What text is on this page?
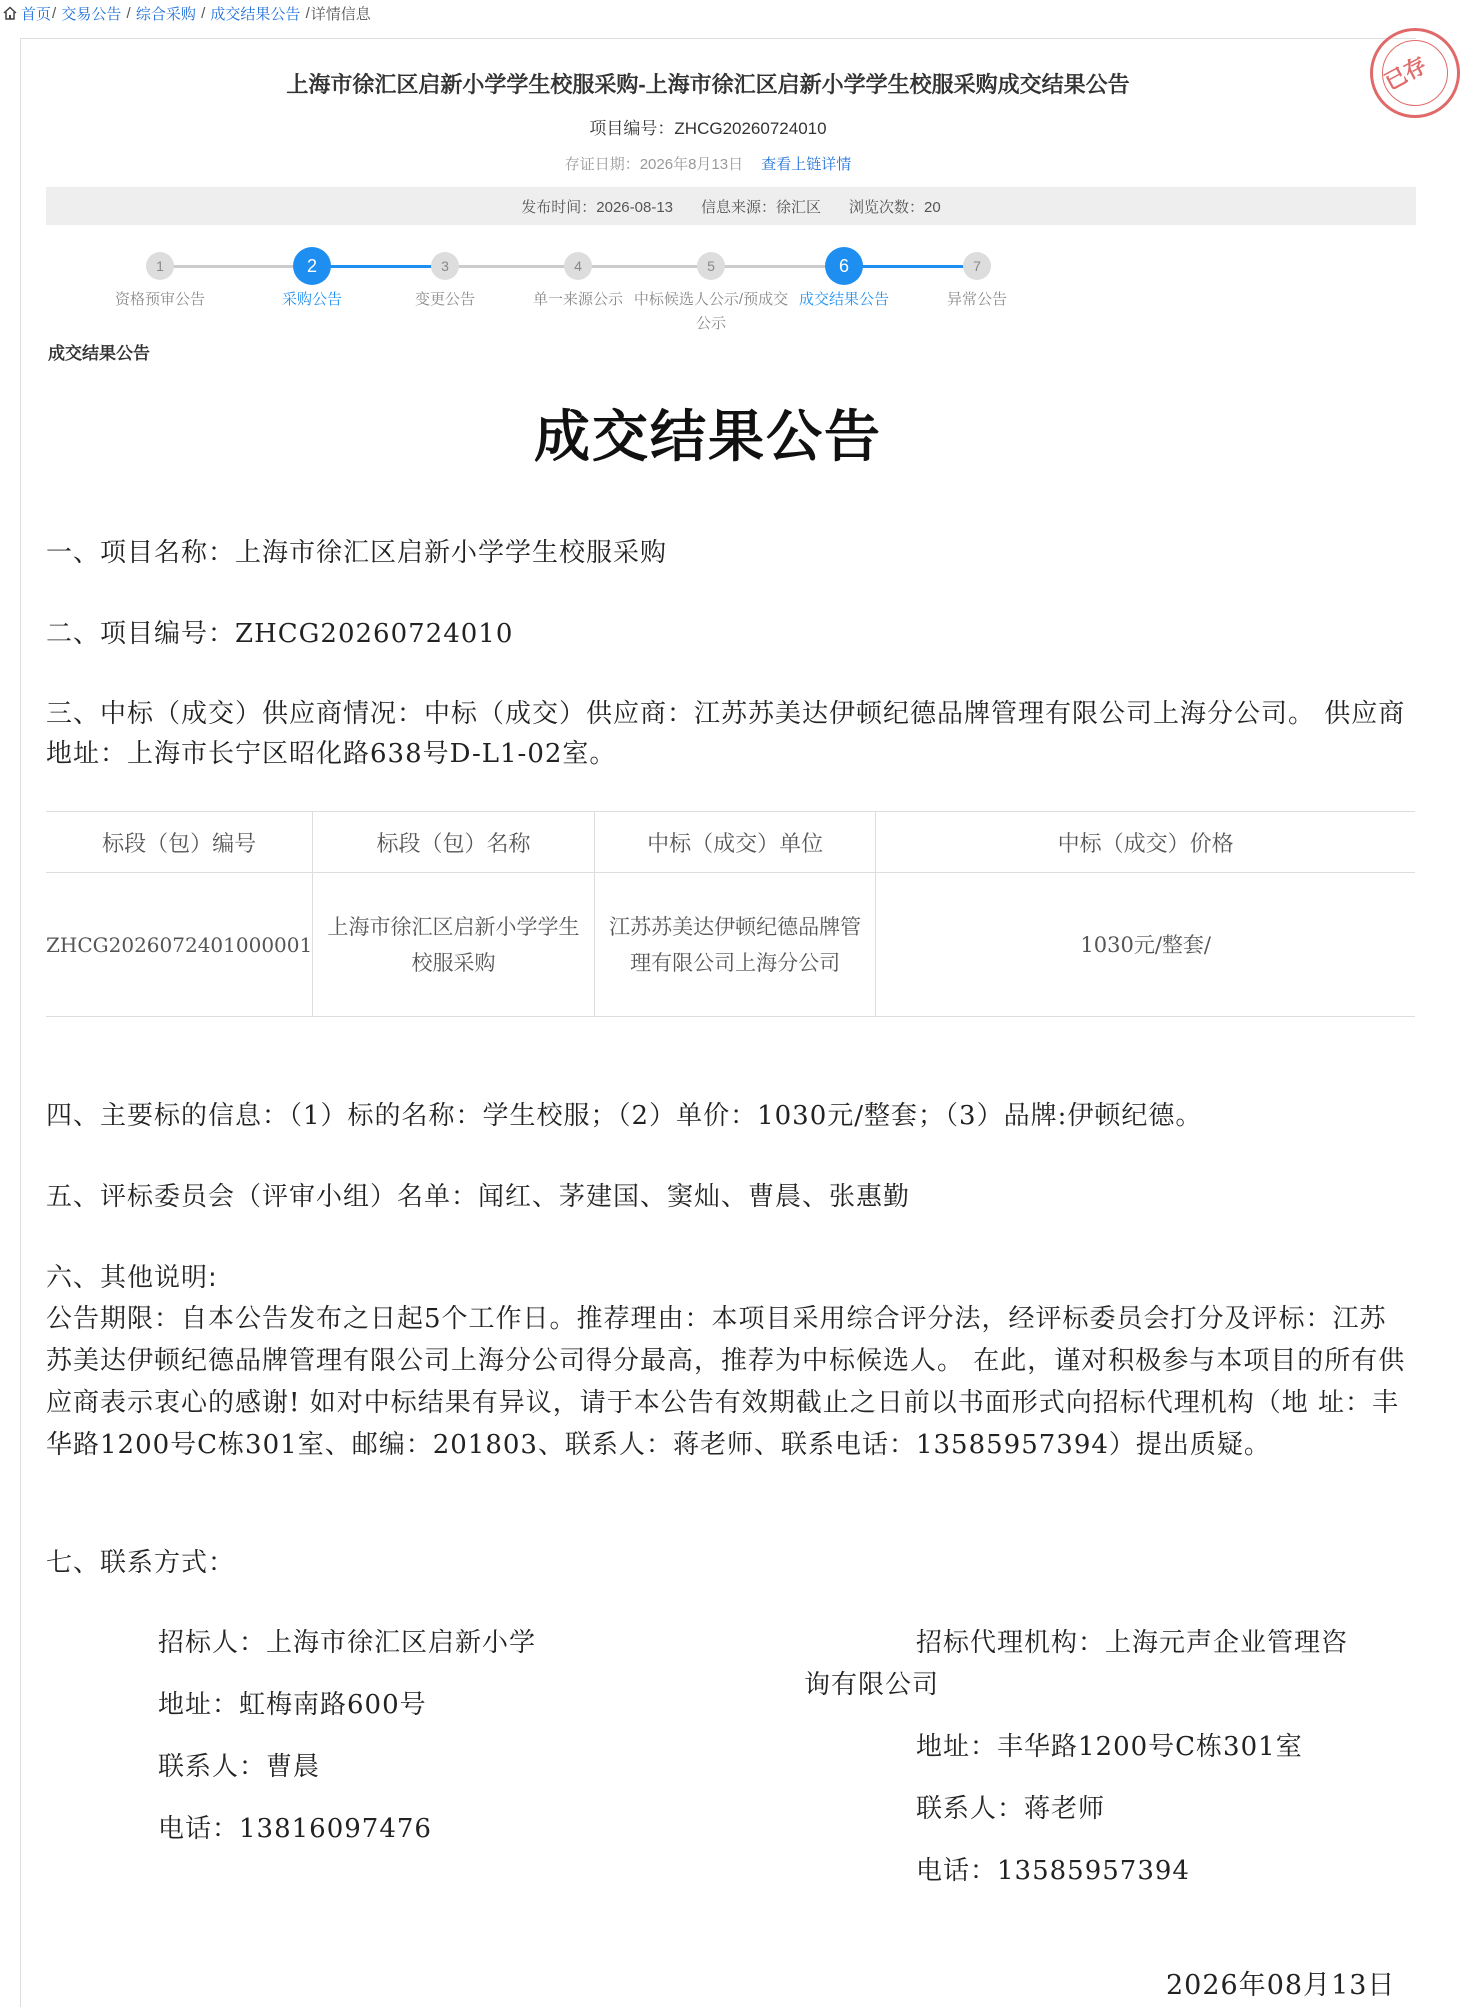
首页 / 交易公告 / 综合采购 / 成交结果公告 / 详情信息
已存
上海市徐汇区启新小学学生校服采购-上海市徐汇区启新小学学生校服采购成交结果公告
项目编号：ZHCG20260724010
存证日期：2026年8月13日 查看上链详情
发布时间：2026-08-13 信息来源：徐汇区 浏览次数：20
1
资格预审公告
2
采购公告
3
变更公告
4
单一来源公示
5
中标候选人公示/预成交公示
6
成交结果公告
7
异常公告
成交结果公告
成交结果公告
一、项目名称：上海市徐汇区启新小学学生校服采购
二、项目编号：ZHCG20260724010
三、中标（成交）供应商情况：中标（成交）供应商：江苏苏美达伊顿纪德品牌管理有限公司上海分公司。 供应商地址：上海市长宁区昭化路638号D-L1-02室。
标段（包）编号	标段（包）名称	中标（成交）单位	中标（成交）价格
ZHCG2026072401000001	上海市徐汇区启新小学学生校服采购	江苏苏美达伊顿纪德品牌管理有限公司上海分公司	1030元/整套/
四、主要标的信息：（1）标的名称：学生校服；（2）单价：1030元/整套；（3）品牌:伊顿纪德。
五、评标委员会（评审小组）名单：闻红、茅建国、窦灿、曹晨、张惠勤
六、其他说明:
公告期限：自本公告发布之日起5个工作日。推荐理由：本项目采用综合评分法，经评标委员会打分及评标：江苏苏美达伊顿纪德品牌管理有限公司上海分公司得分最高，推荐为中标候选人。 在此，谨对积极参与本项目的所有供应商表示衷心的感谢! 如对中标结果有异议，请于本公告有效期截止之日前以书面形式向招标代理机构（地 址：丰华路1200号C栋301室、邮编：201803、联系人：蒋老师、联系电话：13585957394）提出质疑。
七、联系方式：
招标人：上海市徐汇区启新小学
地址：虹梅南路600号
联系人：曹晨
电话：13816097476
招标代理机构：上海元声企业管理咨
询有限公司
地址：丰华路1200号C栋301室
联系人：蒋老师
电话：13585957394
2026年08月13日
